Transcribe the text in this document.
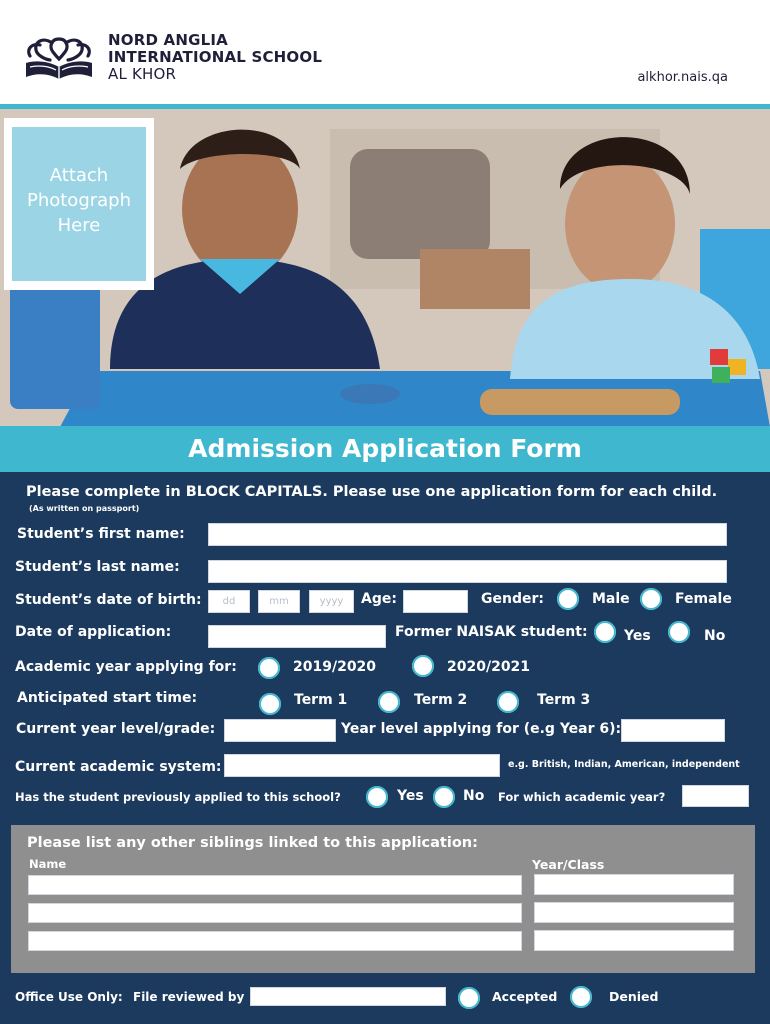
NORD ANGLIA
INTERNATIONAL SCHOOL
AL KHOR	alkhor.nais.qa
Attach
Photograph
Here
Admission Application Form
Please complete in BLOCK CAPITALS. Please use one application form for each child.
(As written on passport)
Student’s first name:
Student’s last name:
Student’s date of birth:	dd	mm	yyyy	Age:	Gender:	Male	Female
Date of application:	Former NAISAK student:	Yes	No
Academic year applying for:	2019/2020	2020/2021
Anticipated start time:	Term 1	Term 2	Term 3
Current year level/grade:	Year level applying for (e.g Year 6):
Current academic system:	e.g. British, Indian, American, independent
Has the student previously applied to this school?	Yes	No For which academic year?
Please list any other siblings linked to this application:
Name	Year/Class
Office Use Only: File reviewed by	Accepted	Denied
